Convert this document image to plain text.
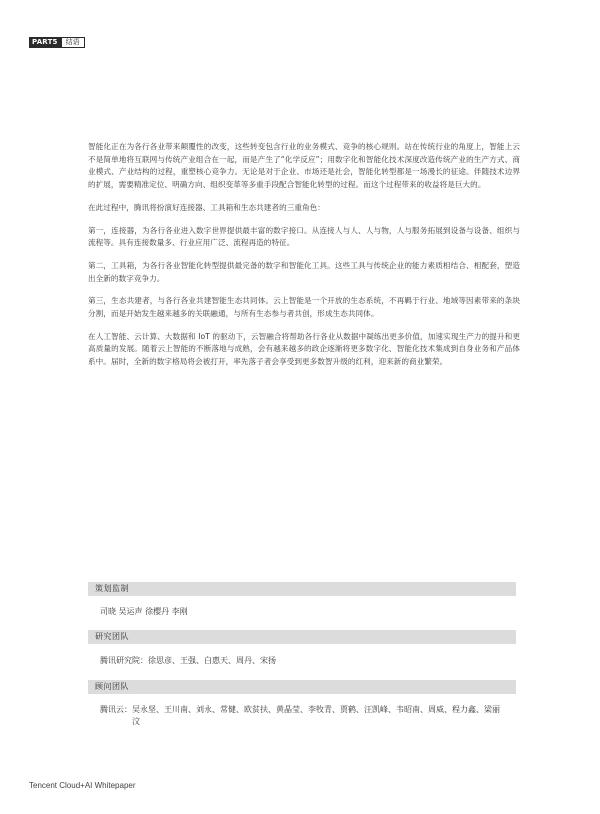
PART5	结语

智能化正在为各行各业带来颠覆性的改变，这些转变包含行业的业务模式、竞争的核心规则。站在传统行业的角度上，智能上云不是简单地将互联网与传统产业组合在一起，而是产生了“化学反应”；用数字化和智能化技术深度改造传统产业的生产方式、商业模式、产业结构的过程，重塑核心竞争力。无论是对于企业、市场还是社会，智能化转型都是一场漫长的征途。伴随技术边界的扩展，需要精准定位、明确方向、组织变革等多重手段配合智能化转型的过程。而这个过程带来的收益将是巨大的。

在此过程中，腾讯将扮演好连接器、工具箱和生态共建者的三重角色：

第一，连接器，为各行各业进入数字世界提供最丰富的数字接口。从连接人与人、人与物，人与服务拓展到设备与设备、组织与流程等。具有连接数量多、行业应用广泛、流程再造的特征。

第二，工具箱，为各行各业智能化转型提供最完备的数字和智能化工具。这些工具与传统企业的能力素质相结合、相配套，塑造出全新的数字竞争力。

第三，生态共建者，与各行各业共建智能生态共同体。云上智能是一个开放的生态系统，不再羁于行业、地域等因素带来的条块分割，而是开始发生越来越多的关联融通，与所有生态参与者共创，形成生态共同体。

在人工智能、云计算、大数据和 IoT 的驱动下，云智融合将帮助各行各业从数据中凝练出更多价值，加速实现生产力的提升和更高质量的发展。随着云上智能的不断落地与成熟，会有越来越多的政企逐渐将更多数字化、智能化技术集成到自身业务和产品体系中。届时，全新的数字格局将会被打开，率先落子者会享受到更多数智升级的红利，迎来新的商业繁荣。

策划监制
司晓 吴运声 徐樱丹 李刚
研究团队
腾讯研究院： 徐思彦、王强、白惠天、周丹、宋扬
顾问团队
腾讯云： 吴永坚、王川南、刘永、常健、欧贫扶、黄晶莹、李牧青、贾鹤、汪凯峰、韦昭南、周威、程力鑫、梁丽汶
Tencent Cloud+AI Whitepaper
